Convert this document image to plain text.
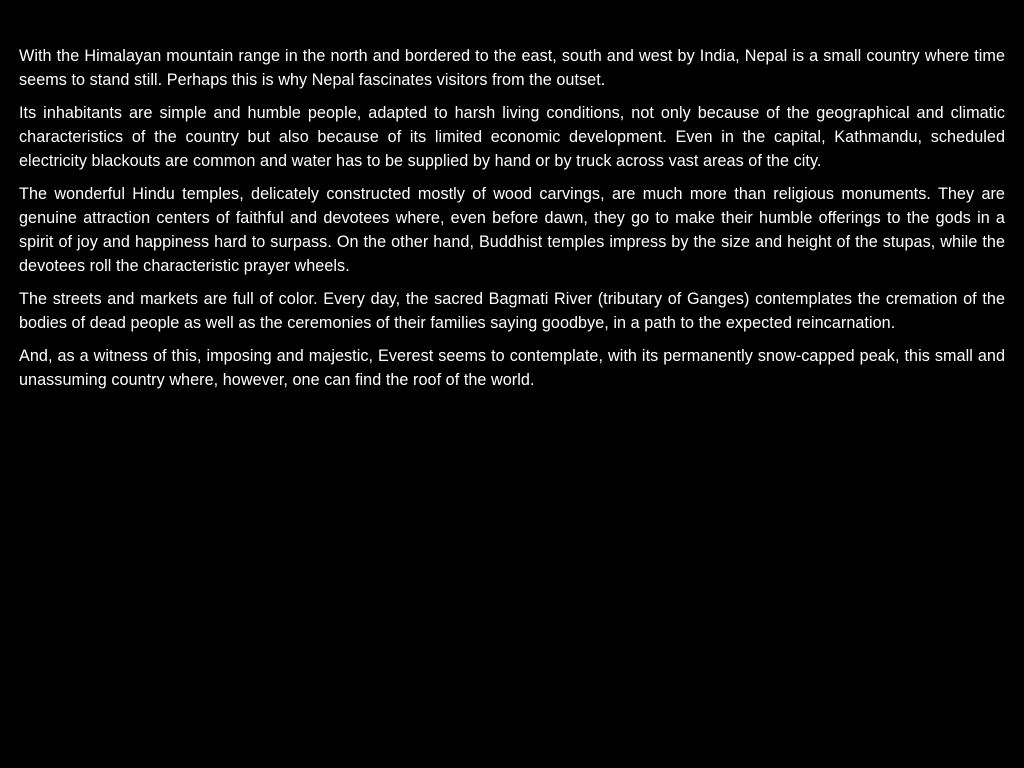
With the Himalayan mountain range in the north and bordered to the east, south and west by India, Nepal is a small country where time seems to stand still. Perhaps this is why Nepal fascinates visitors from the outset.

Its inhabitants are simple and humble people, adapted to harsh living conditions, not only because of the geographical and climatic characteristics of the country but also because of its limited economic development. Even in the capital, Kathmandu, scheduled electricity blackouts are common and water has to be supplied by hand or by truck across vast areas of the city.

The wonderful Hindu temples, delicately constructed mostly of wood carvings, are much more than religious monuments. They are genuine attraction centers of faithful and devotees where, even before dawn, they go to make their humble offerings to the gods in a spirit of joy and happiness hard to surpass. On the other hand, Buddhist temples impress by the size and height of the stupas, while the devotees roll the characteristic prayer wheels.

The streets and markets are full of color. Every day, the sacred Bagmati River (tributary of Ganges) contemplates the cremation of the bodies of dead people as well as the ceremonies of their families saying goodbye, in a path to the expected reincarnation.

And, as a witness of this, imposing and majestic, Everest seems to contemplate, with its permanently snow-capped peak, this small and unassuming country where, however, one can find the roof of the world.
